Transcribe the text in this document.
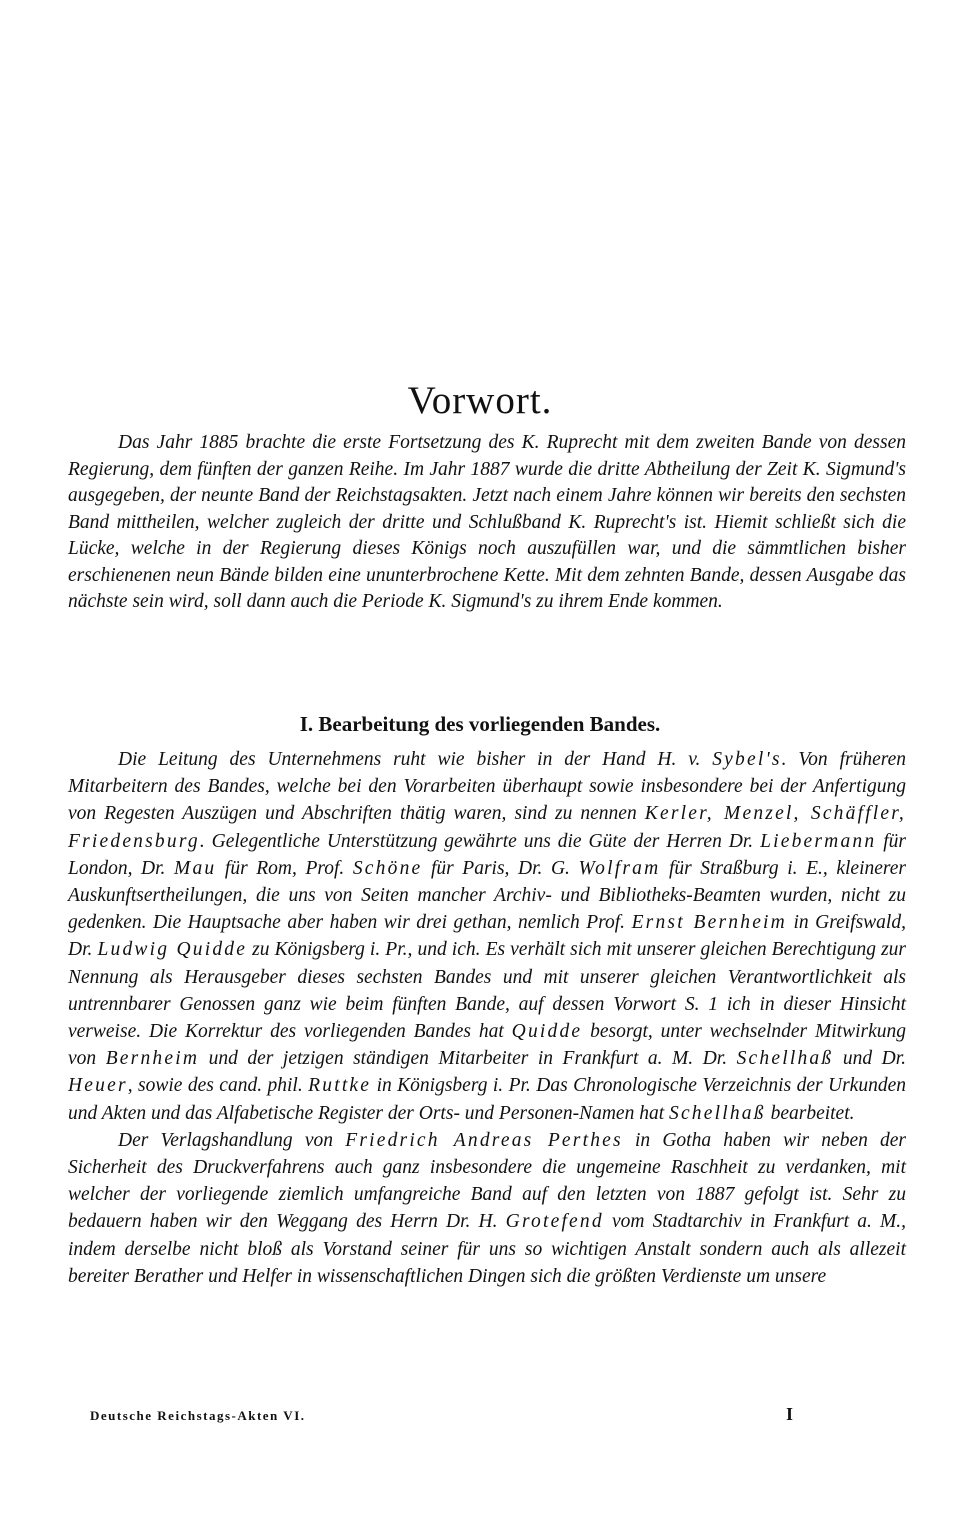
Vorwort.

Das Jahr 1885 brachte die erste Fortsetzung des K. Ruprecht mit dem zweiten Bande von dessen Regierung, dem fünften der ganzen Reihe. Im Jahr 1887 wurde die dritte Abtheilung der Zeit K. Sigmund's ausgegeben, der neunte Band der Reichstagsakten. Jetzt nach einem Jahre können wir bereits den sechsten Band mittheilen, welcher zugleich der dritte und Schlußband K. Ruprecht's ist. Hiemit schließt sich die Lücke, welche in der Regierung dieses Königs noch auszufüllen war, und die sämmtlichen bisher erschienenen neun Bände bilden eine ununterbrochene Kette. Mit dem zehnten Bande, dessen Ausgabe das nächste sein wird, soll dann auch die Periode K. Sigmund's zu ihrem Ende kommen.

I. Bearbeitung des vorliegenden Bandes.

Die Leitung des Unternehmens ruht wie bisher in der Hand H. v. Sybel's. Von früheren Mitarbeitern des Bandes, welche bei den Vorarbeiten überhaupt sowie insbesondere bei der Anfertigung von Regesten Auszügen und Abschriften thätig waren, sind zu nennen Kerler, Menzel, Schäffler, Friedensburg. Gelegentliche Unterstützung gewährte uns die Güte der Herren Dr. Liebermann für London, Dr. Mau für Rom, Prof. Schöne für Paris, Dr. G. Wolfram für Straßburg i. E., kleinerer Auskunftsertheilungen, die uns von Seiten mancher Archiv- und Bibliotheks-Beamten wurden, nicht zu gedenken. Die Hauptsache aber haben wir drei gethan, nemlich Prof. Ernst Bernheim in Greifswald, Dr. Ludwig Quidde zu Königsberg i. Pr., und ich. Es verhält sich mit unserer gleichen Berechtigung zur Nennung als Herausgeber dieses sechsten Bandes und mit unserer gleichen Verantwortlichkeit als untrennbarer Genossen ganz wie beim fünften Bande, auf dessen Vorwort S. 1 ich in dieser Hinsicht verweise. Die Korrektur des vorliegenden Bandes hat Quidde besorgt, unter wechselnder Mitwirkung von Bernheim und der jetzigen ständigen Mitarbeiter in Frankfurt a. M. Dr. Schellhaß und Dr. Heuer, sowie des cand. phil. Ruttke in Königsberg i. Pr. Das Chronologische Verzeichnis der Urkunden und Akten und das Alfabetische Register der Orts- und Personen-Namen hat Schellhaß bearbeitet.

Der Verlagshandlung von Friedrich Andreas Perthes in Gotha haben wir neben der Sicherheit des Druckverfahrens auch ganz insbesondere die ungemeine Raschheit zu verdanken, mit welcher der vorliegende ziemlich umfangreiche Band auf den letzten von 1887 gefolgt ist. Sehr zu bedauern haben wir den Weggang des Herrn Dr. H. Grotefend vom Stadtarchiv in Frankfurt a. M., indem derselbe nicht bloß als Vorstand seiner für uns so wichtigen Anstalt sondern auch als allezeit bereiter Berather und Helfer in wissenschaftlichen Dingen sich die größten Verdienste um unsere

Deutsche Reichstags-Akten VI.	I
